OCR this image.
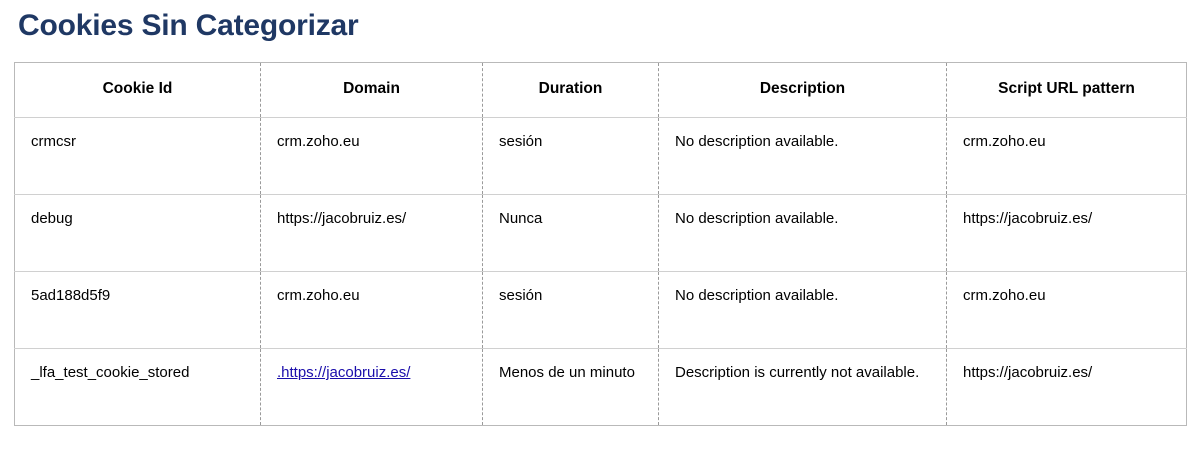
Cookies Sin Categorizar
Cookie Id	Domain	Duration	Description	Script URL pattern
crmcsr	crm.zoho.eu	sesión	No description available.	crm.zoho.eu
debug	https://jacobruiz.es/	Nunca	No description available.	https://jacobruiz.es/
5ad188d5f9	crm.zoho.eu	sesión	No description available.	crm.zoho.eu
_lfa_test_cookie_stored	.https://jacobruiz.es/	Menos de un minuto	Description is currently not available.	https://jacobruiz.es/
